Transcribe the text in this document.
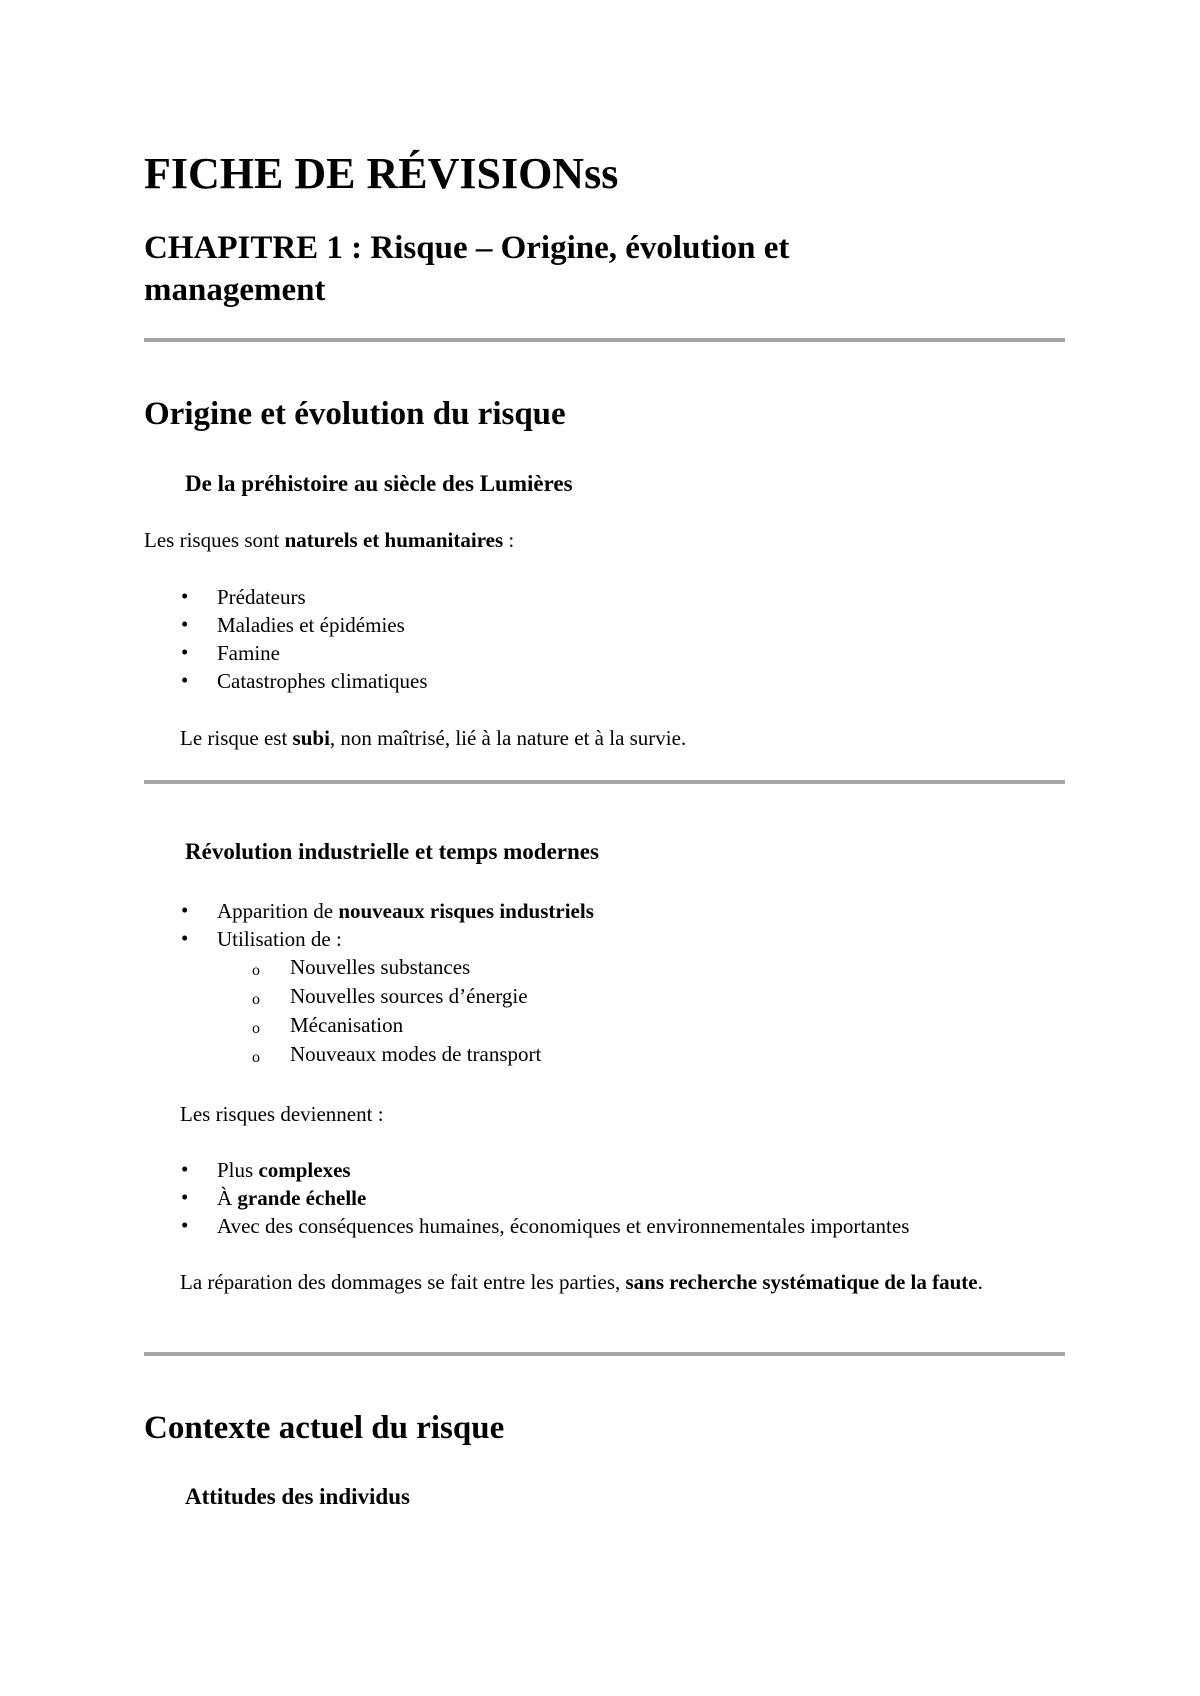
FICHE DE RÉVISIONss
CHAPITRE 1 : Risque – Origine, évolution et management
Origine et évolution du risque
De la préhistoire au siècle des Lumières

Les risques sont naturels et humanitaires :

• Prédateurs
• Maladies et épidémies
• Famine
• Catastrophes climatiques

Le risque est subi, non maîtrisé, lié à la nature et à la survie.

Révolution industrielle et temps modernes
• Apparition de nouveaux risques industriels
• Utilisation de :
o Nouvelles substances
o Nouvelles sources d’énergie
o Mécanisation
o Nouveaux modes de transport

Les risques deviennent :

• Plus complexes
• À grande échelle
• Avec des conséquences humaines, économiques et environnementales importantes

La réparation des dommages se fait entre les parties, sans recherche systématique de la faute.

Contexte actuel du risque
Attitudes des individus
